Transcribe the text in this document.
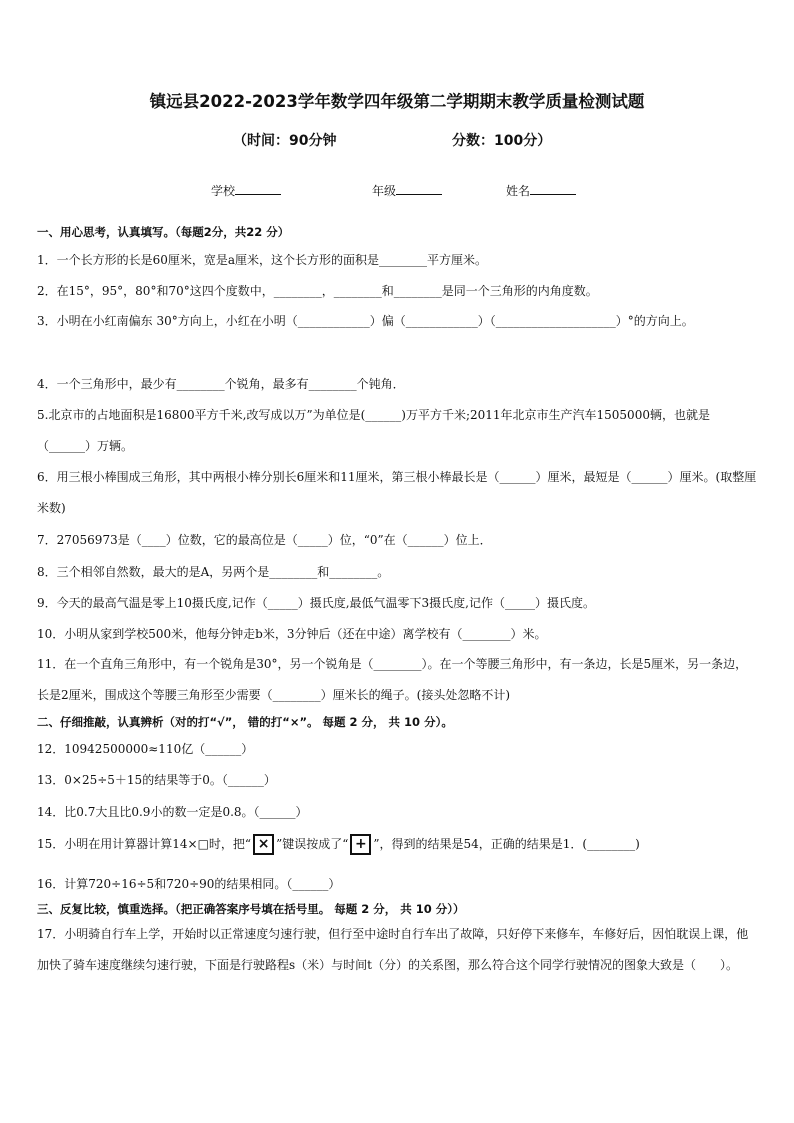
镇远县2022-2023学年数学四年级第二学期期末教学质量检测试题
（时间：90分钟	分数：100分）
学校	年级	姓名
一、用心思考，认真填写。（每题2分，共22 分）
1．一个长方形的长是60厘米，宽是a厘米，这个长方形的面积是________平方厘米。
2．在15°，95°，80°和70°这四个度数中，________，________和________是同一个三角形的内角度数。
3．小明在小红南偏东 30°方向上，小红在小明（____________）偏（____________）（____________________）°的方向上。
4．一个三角形中，最少有________个锐角，最多有________个钝角．
5.北京市的占地面积是16800平方千米,改写成以万”为单位是(______)万平方千米;2011年北京市生产汽车1505000辆，也就是（______）万辆。
6．用三根小棒围成三角形，其中两根小棒分别长6厘米和11厘米，第三根小棒最长是（______）厘米，最短是（______）厘米。(取整厘米数)
7．27056973是（____）位数，它的最高位是（_____）位，“0”在（______）位上．
8．三个相邻自然数，最大的是A，另两个是________和________。
9．今天的最高气温是零上10摄氏度,记作（_____）摄氏度,最低气温零下3摄氏度,记作（_____）摄氏度。
10．小明从家到学校500米，他每分钟走b米，3分钟后（还在中途）离学校有（________）米。
11．在一个直角三角形中，有一个锐角是30°，另一个锐角是（________）。在一个等腰三角形中，有一条边，长是5厘米，另一条边，长是2厘米，围成这个等腰三角形至少需要（________）厘米长的绳子。(接头处忽略不计)
二、仔细推敲，认真辨析（对的打“√”， 错的打“×”。 每题 2 分， 共 10 分）。
12．10942500000≈110亿（______）
13．0×25÷5＋15的结果等于0。（______）
14．比0.7大且比0.9小的数一定是0.8。（______）
15．小明在用计算器计算14×□时，把“ × ”键误按成了“ + ”，得到的结果是54，正确的结果是1．(________)
16．计算720÷16÷5和720÷90的结果相同。（______）
三、反复比较，慎重选择。（把正确答案序号填在括号里。 每题 2 分， 共 10 分））
17．小明骑自行车上学，开始时以正常速度匀速行驶，但行至中途时自行车出了故障，只好停下来修车，车修好后，因怕耽误上课，他加快了骑车速度继续匀速行驶，下面是行驶路程s（米）与时间t（分）的关系图，那么符合这个同学行驶情况的图象大致是（　　）。
